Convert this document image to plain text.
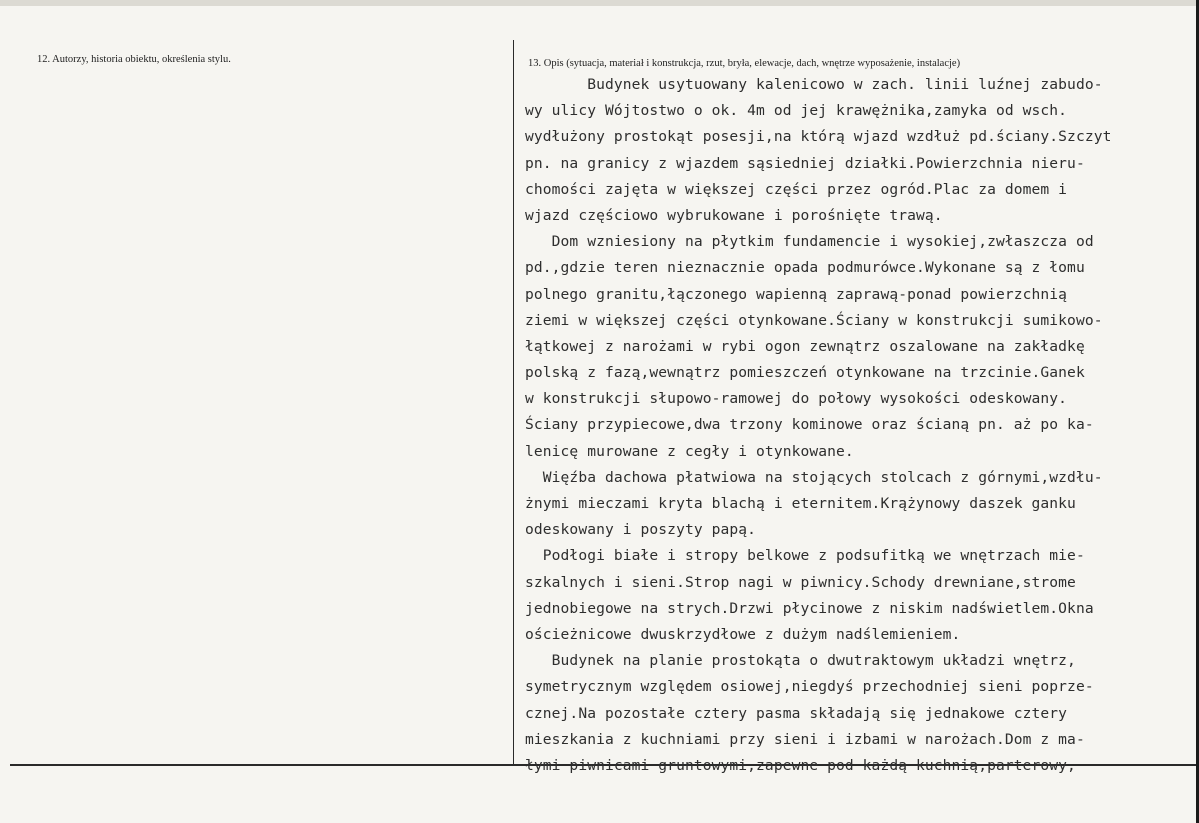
12. Autorzy, historia obiektu, określenia stylu.	13. Opis (sytuacja, materiał i konstrukcja, rzut, bryła, elewacje, dach, wnętrze wyposażenie, instalacje)
Budynek usytuowany kalenicowo w zach. linii luźnej zabudo-
wy ulicy Wójtostwo o ok. 4m od jej krawężnika,zamyka od wsch.
wydłużony prostokąt posesji,na którą wjazd wzdłuż pd.ściany.Szczyt
pn. na granicy z wjazdem sąsiedniej działki.Powierzchnia nieru-
chomości zajęta w większej części przez ogród.Plac za domem i
wjazd częściowo wybrukowane i porośnięte trawą.
Dom wzniesiony na płytkim fundamencie i wysokiej,zwłaszcza od
pd.,gdzie teren nieznacznie opada podmurówce.Wykonane są z łomu
polnego granitu,łączonego wapienną zaprawą-ponad powierzchnią
ziemi w większej części otynkowane.Ściany w konstrukcji sumikowo-
łątkowej z narożami w rybi ogon zewnątrz oszalowane na zakładkę
polską z fazą,wewnątrz pomieszczeń otynkowane na trzcinie.Ganek
w konstrukcji słupowo-ramowej do połowy wysokości odeskowany.
Ściany przypiecowe,dwa trzony kominowe oraz ścianą pn. aż po ka-
lenicę murowane z cegły i otynkowane.
Więźba dachowa płatwiowa na stojących stolcach z górnymi,wzdłu-
żnymi mieczami kryta blachą i eternitem.Krążynowy daszek ganku
odeskowany i poszyty papą.
Podłogi białe i stropy belkowe z podsufitką we wnętrzach mie-
szkalnych i sieni.Strop nagi w piwnicy.Schody drewniane,strome
jednobiegowe na strych.Drzwi płycinowe z niskim nadświetlem.Okna
ościeżnicowe dwuskrzydłowe z dużym nadślemieniem.
Budynek na planie prostokąta o dwutraktowym układzi wnętrz,
symetrycznym względem osiowej,niegdyś przechodniej sieni poprze-
cznej.Na pozostałe cztery pasma składają się jednakowe cztery
mieszkania z kuchniami przy sieni i izbami w narożach.Dom z ma-
łymi piwnicami gruntowymi,zapewne pod każdą kuchnią,parterowy,
